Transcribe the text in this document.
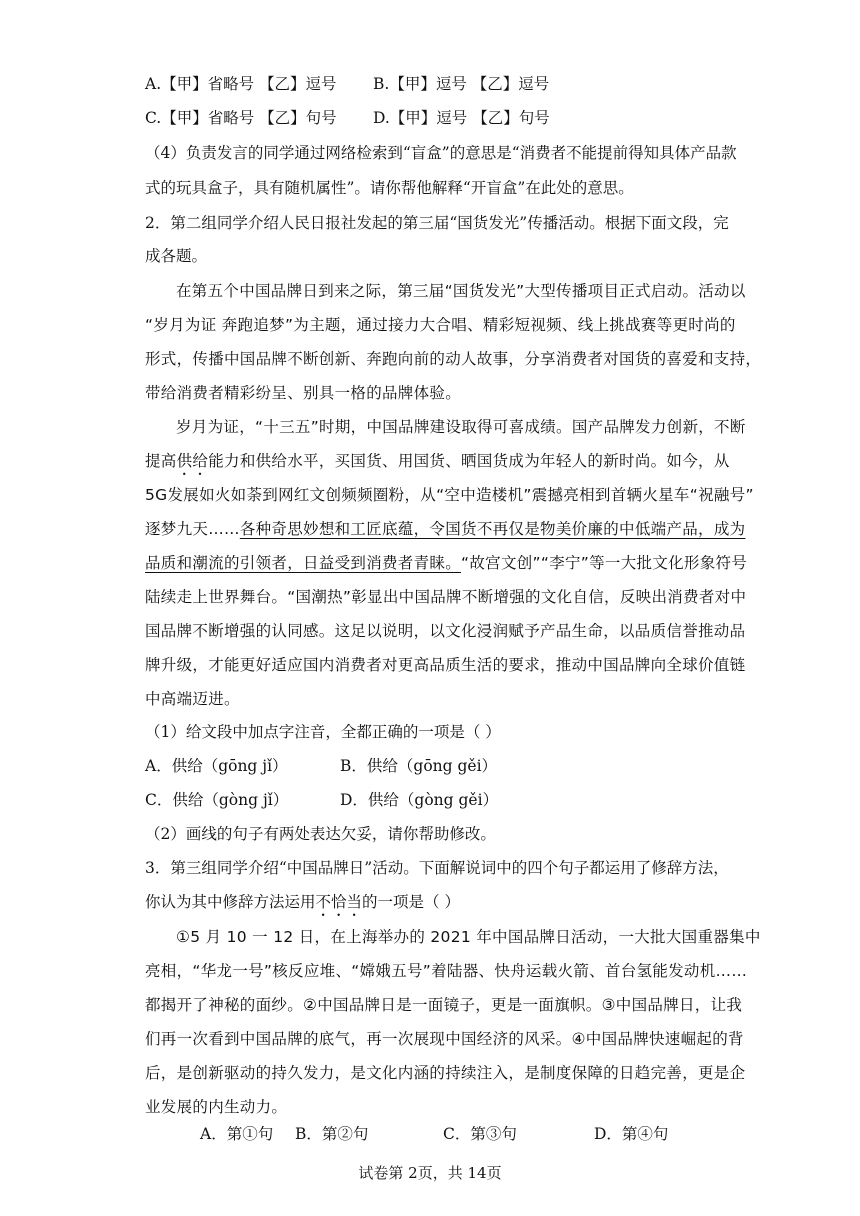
A.【甲】省略号 【乙】逗号 B.【甲】逗号 【乙】逗号
C.【甲】省略号 【乙】句号 D.【甲】逗号 【乙】句号
（4）负责发言的同学通过网络检索到“盲盒”的意思是“消费者不能提前得知具体产品款
式的玩具盒子，具有随机属性”。请你帮他解释“开盲盒”在此处的意思。
2．第二组同学介绍人民日报社发起的第三届“国货发光”传播活动。根据下面文段，完
成各题。
在第五个中国品牌日到来之际，第三届“国货发光”大型传播项目正式启动。活动以
“岁月为证 奔跑追梦”为主题，通过接力大合唱、精彩短视频、线上挑战赛等更时尚的
形式，传播中国品牌不断创新、奔跑向前的动人故事，分享消费者对国货的喜爱和支持，
带给消费者精彩纷呈、别具一格的品牌体验。
岁月为证，“十三五”时期，中国品牌建设取得可喜成绩。国产品牌发力创新，不断
提高供给能力和供给水平，买国货、用国货、晒国货成为年轻人的新时尚。如今，从
5G发展如火如荼到网红文创频频圈粉，从“空中造楼机”震撼亮相到首辆火星车“祝融号”
逐梦九天……各种奇思妙想和工匠底蕴，令国货不再仅是物美价廉的中低端产品，成为
品质和潮流的引领者，日益受到消费者青睐。“故宫文创”“李宁”等一大批文化形象符号
陆续走上世界舞台。“国潮热”彰显出中国品牌不断增强的文化自信，反映出消费者对中
国品牌不断增强的认同感。这足以说明，以文化浸润赋予产品生命，以品质信誉推动品
牌升级，才能更好适应国内消费者对更高品质生活的要求，推动中国品牌向全球价值链
中高端迈进。
（1）给文段中加点字注音，全都正确的一项是（ ）
A．供给（gōng jǐ）	B．供给（gōng gěi）
C．供给（gòng jǐ）	D．供给（gòng gěi）
（2）画线的句子有两处表达欠妥，请你帮助修改。
3．第三组同学介绍“中国品牌日”活动。下面解说词中的四个句子都运用了修辞方法，
你认为其中修辞方法运用不恰当的一项是（ ）
①5 月 10 一 12 日，在上海举办的 2021 年中国品牌日活动，一大批大国重器集中
亮相，“华龙一号”核反应堆、“嫦娥五号”着陆器、快舟运载火箭、首台氢能发动机……
都揭开了神秘的面纱。②中国品牌日是一面镜子，更是一面旗帜。③中国品牌日，让我
们再一次看到中国品牌的底气，再一次展现中国经济的风采。④中国品牌快速崛起的背
后，是创新驱动的持久发力，是文化内涵的持续注入，是制度保障的日趋完善，更是企
业发展的内生动力。
A．第①句 B．第②句	C．第③句	D．第④句
试卷第 2页，共 14页
